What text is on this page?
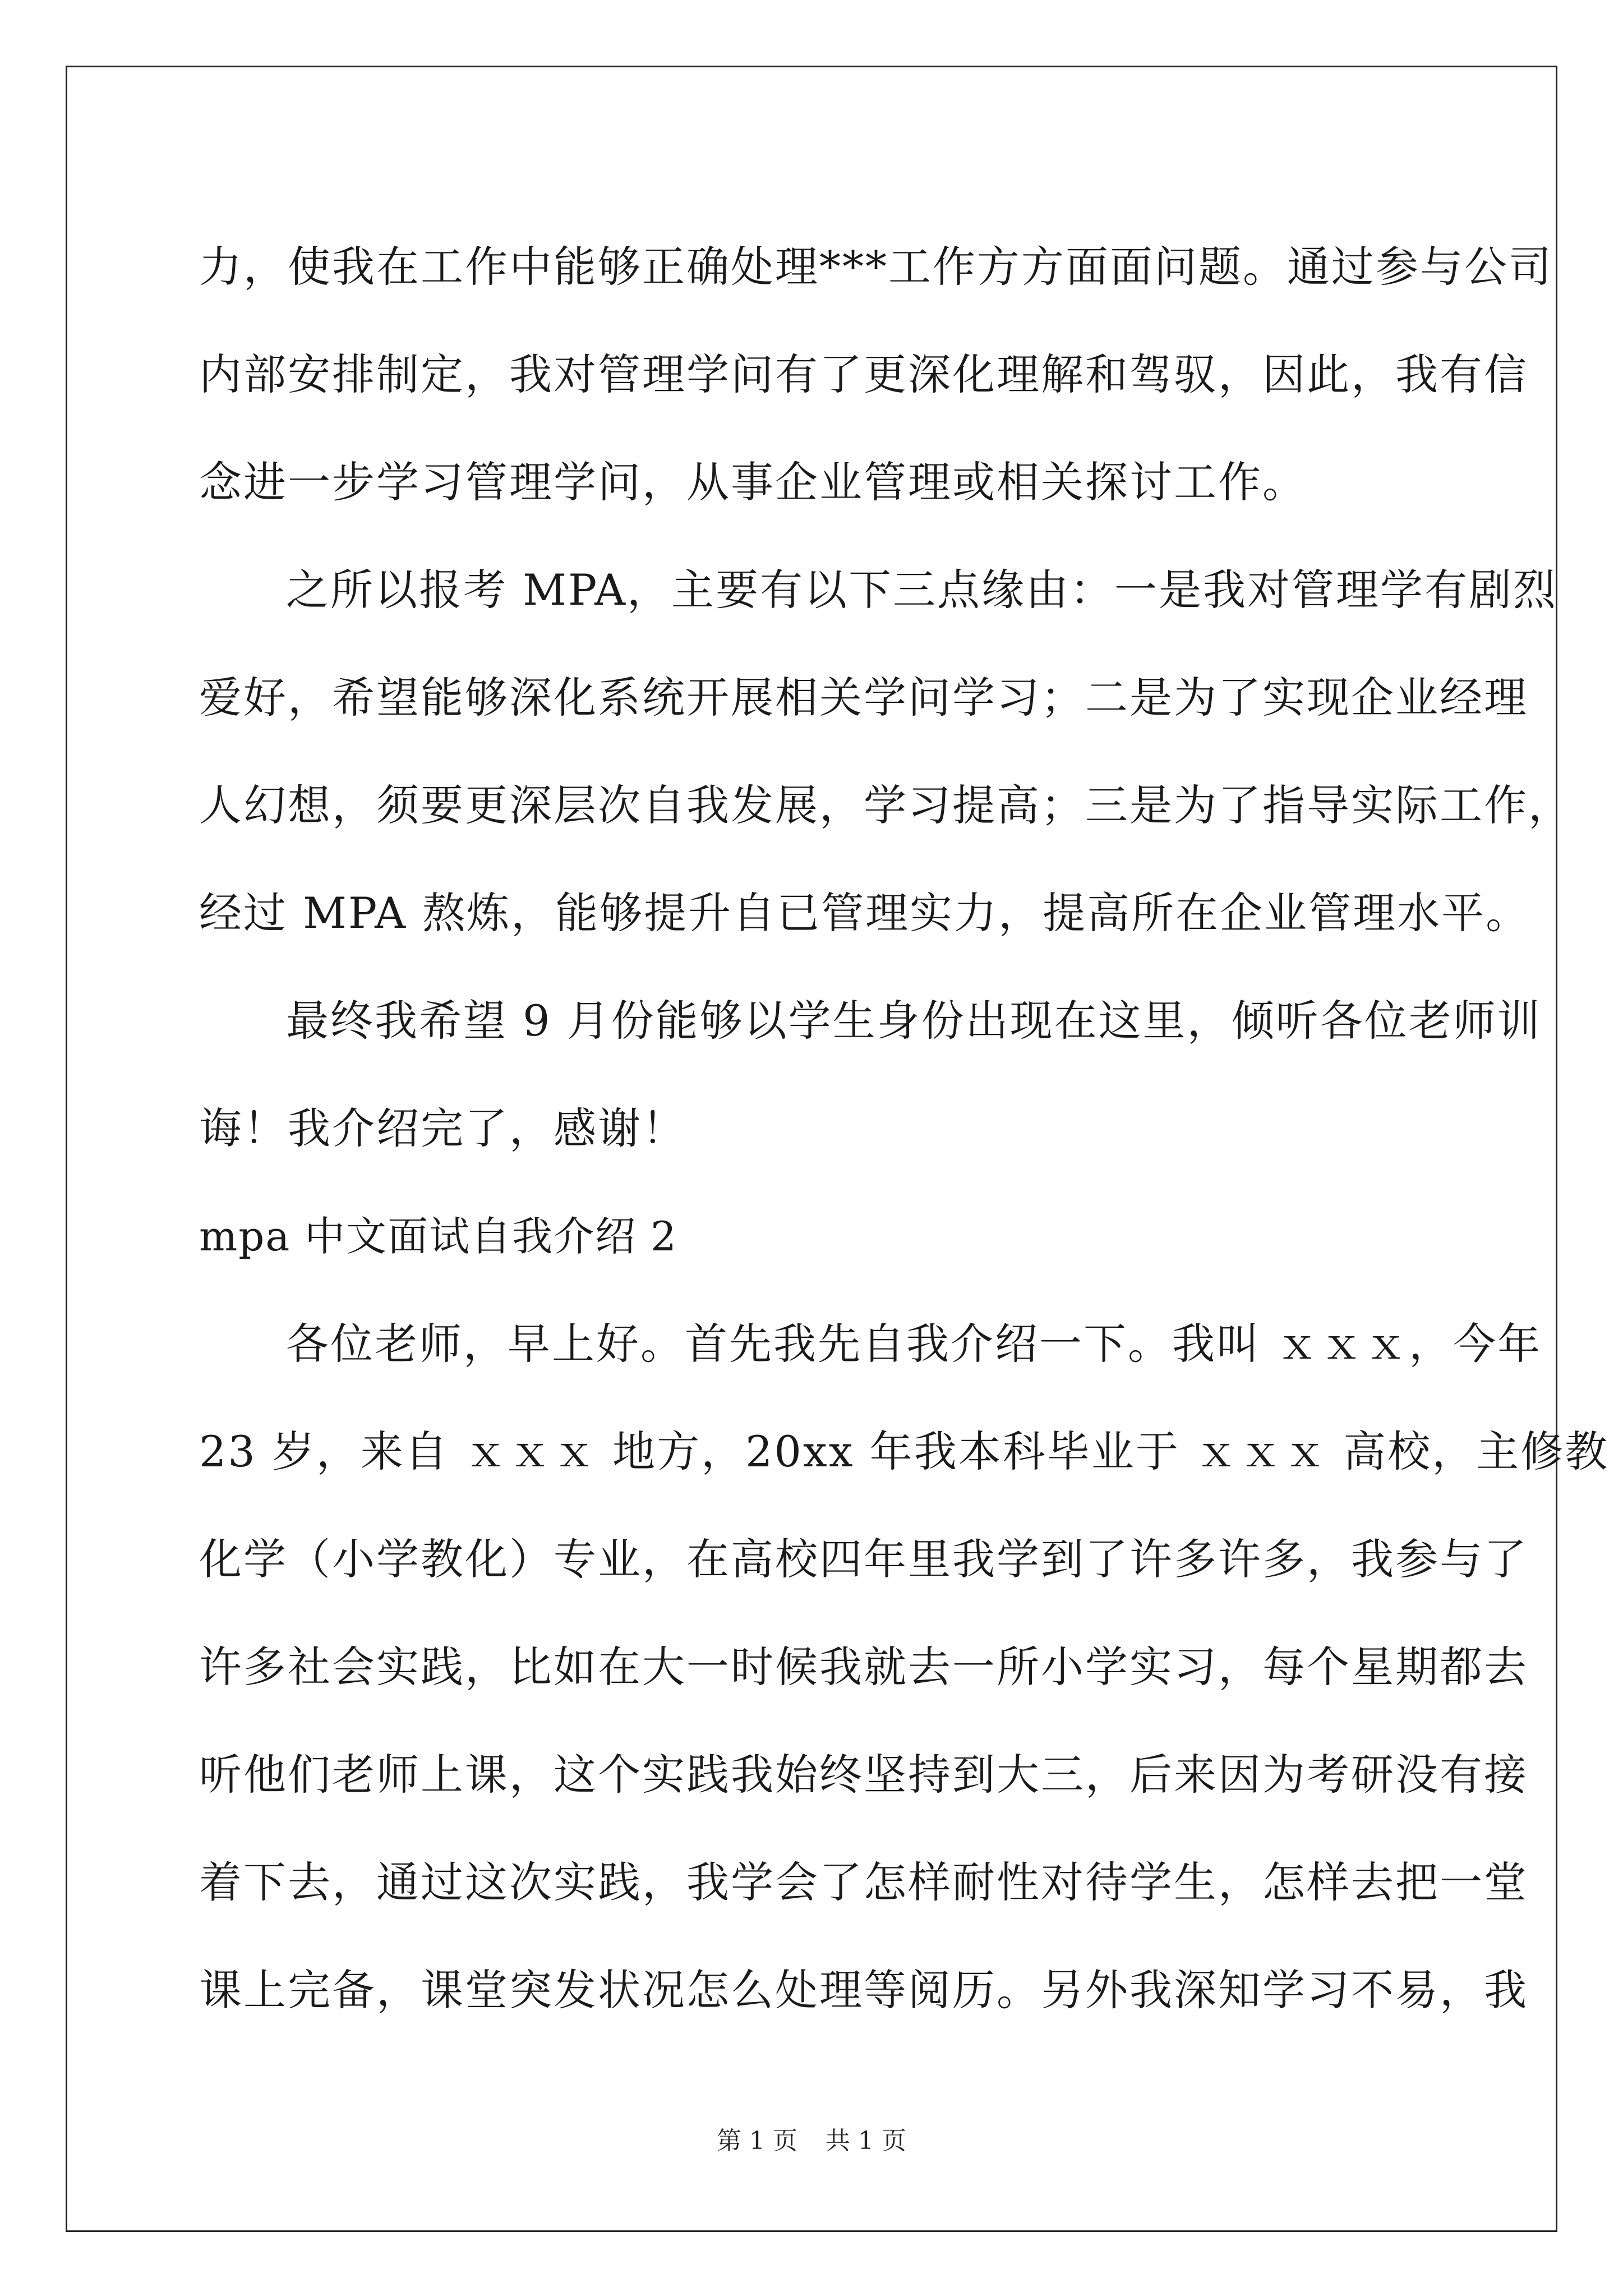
力，使我在工作中能够正确处理***工作方方面面问题。通过参与公司
内部安排制定，我对管理学问有了更深化理解和驾驭，因此，我有信
念进一步学习管理学问，从事企业管理或相关探讨工作。
之所以报考 MPA，主要有以下三点缘由：一是我对管理学有剧烈
爱好，希望能够深化系统开展相关学问学习；二是为了实现企业经理
人幻想，须要更深层次自我发展，学习提高；三是为了指导实际工作，
经过 MPA 熬炼，能够提升自已管理实力，提高所在企业管理水平。
最终我希望 9 月份能够以学生身份出现在这里，倾听各位老师训
诲！我介绍完了，感谢！
mpa 中文面试自我介绍 2
各位老师，早上好。首先我先自我介绍一下。我叫 ｘｘｘ，今年
23 岁，来自 ｘｘｘ 地方，20xx 年我本科毕业于 ｘｘｘ 高校，主修教
化学（小学教化）专业，在高校四年里我学到了许多许多，我参与了
许多社会实践，比如在大一时候我就去一所小学实习，每个星期都去
听他们老师上课，这个实践我始终坚持到大三，后来因为考研没有接
着下去，通过这次实践，我学会了怎样耐性对待学生，怎样去把一堂
课上完备，课堂突发状况怎么处理等阅历。另外我深知学习不易，我
第 1 页 共 1 页
